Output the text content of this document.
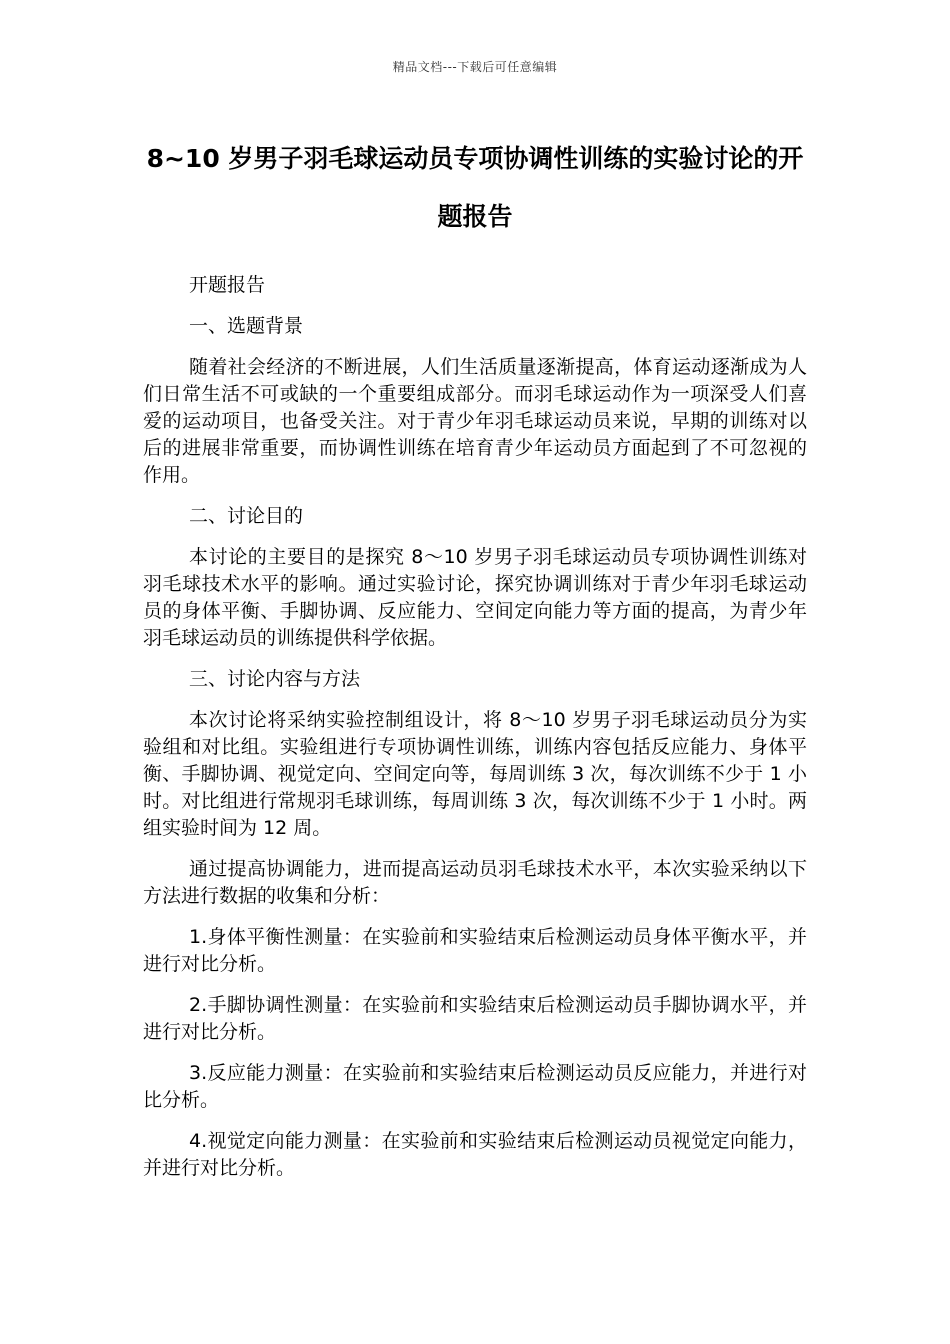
精品文档---下载后可任意编辑
8~10 岁男子羽毛球运动员专项协调性训练的实验讨论的开题报告

开题报告

一、选题背景

随着社会经济的不断进展，人们生活质量逐渐提高，体育运动逐渐成为人们日常生活不可或缺的一个重要组成部分。而羽毛球运动作为一项深受人们喜爱的运动项目，也备受关注。对于青少年羽毛球运动员来说，早期的训练对以后的进展非常重要，而协调性训练在培育青少年运动员方面起到了不可忽视的作用。

二、讨论目的

本讨论的主要目的是探究 8～10 岁男子羽毛球运动员专项协调性训练对羽毛球技术水平的影响。通过实验讨论，探究协调训练对于青少年羽毛球运动员的身体平衡、手脚协调、反应能力、空间定向能力等方面的提高，为青少年羽毛球运动员的训练提供科学依据。

三、讨论内容与方法

本次讨论将采纳实验控制组设计，将 8～10 岁男子羽毛球运动员分为实验组和对比组。实验组进行专项协调性训练，训练内容包括反应能力、身体平衡、手脚协调、视觉定向、空间定向等，每周训练 3 次，每次训练不少于 1 小时。对比组进行常规羽毛球训练，每周训练 3 次，每次训练不少于 1 小时。两组实验时间为 12 周。

通过提高协调能力，进而提高运动员羽毛球技术水平，本次实验采纳以下方法进行数据的收集和分析：

1.身体平衡性测量：在实验前和实验结束后检测运动员身体平衡水平，并进行对比分析。

2.手脚协调性测量：在实验前和实验结束后检测运动员手脚协调水平，并进行对比分析。

3.反应能力测量：在实验前和实验结束后检测运动员反应能力，并进行对比分析。

4.视觉定向能力测量：在实验前和实验结束后检测运动员视觉定向能力，并进行对比分析。
